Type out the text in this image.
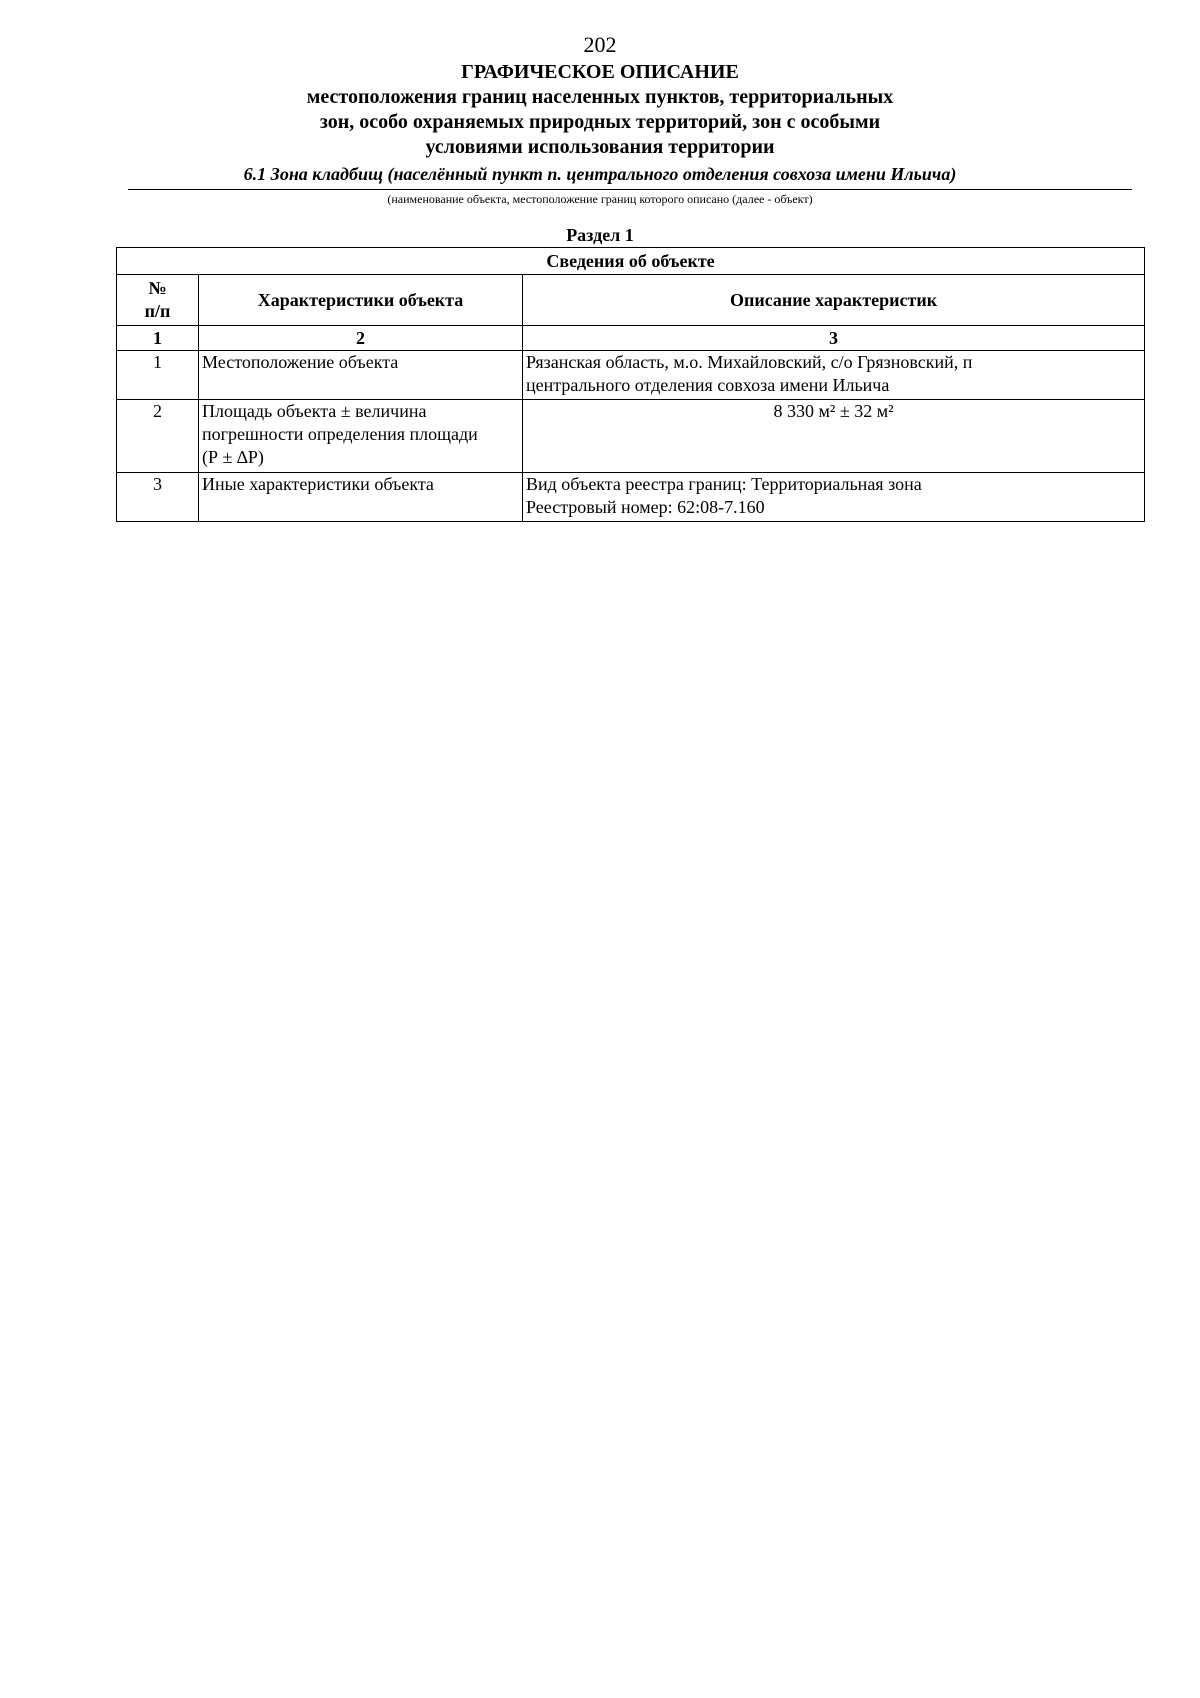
202
ГРАФИЧЕСКОЕ ОПИСАНИЕ
местоположения границ населенных пунктов, территориальных
зон, особо охраняемых природных территорий, зон с особыми
условиями использования территории
6.1 Зона кладбищ (населённый пункт п. центрального отделения совхоза имени Ильича)
(наименование объекта, местоположение границ которого описано (далее - объект)
Раздел 1
Сведения об объекте		

№
п/п	Характеристики объекта	Описание характеристик
1	2	3
1	Местоположение объекта	Рязанская область, м.о. Михайловский, с/о Грязновский, п
центрального отделения совхоза имени Ильича

2	Площадь объекта ± величина
погрешности определения площади
(Р ± ∆Р)	8 330 м² ± 32 м²
3	Иные характеристики объекта	Вид объекта реестра границ: Территориальная зона
Реестровый номер: 62:08-7.160
